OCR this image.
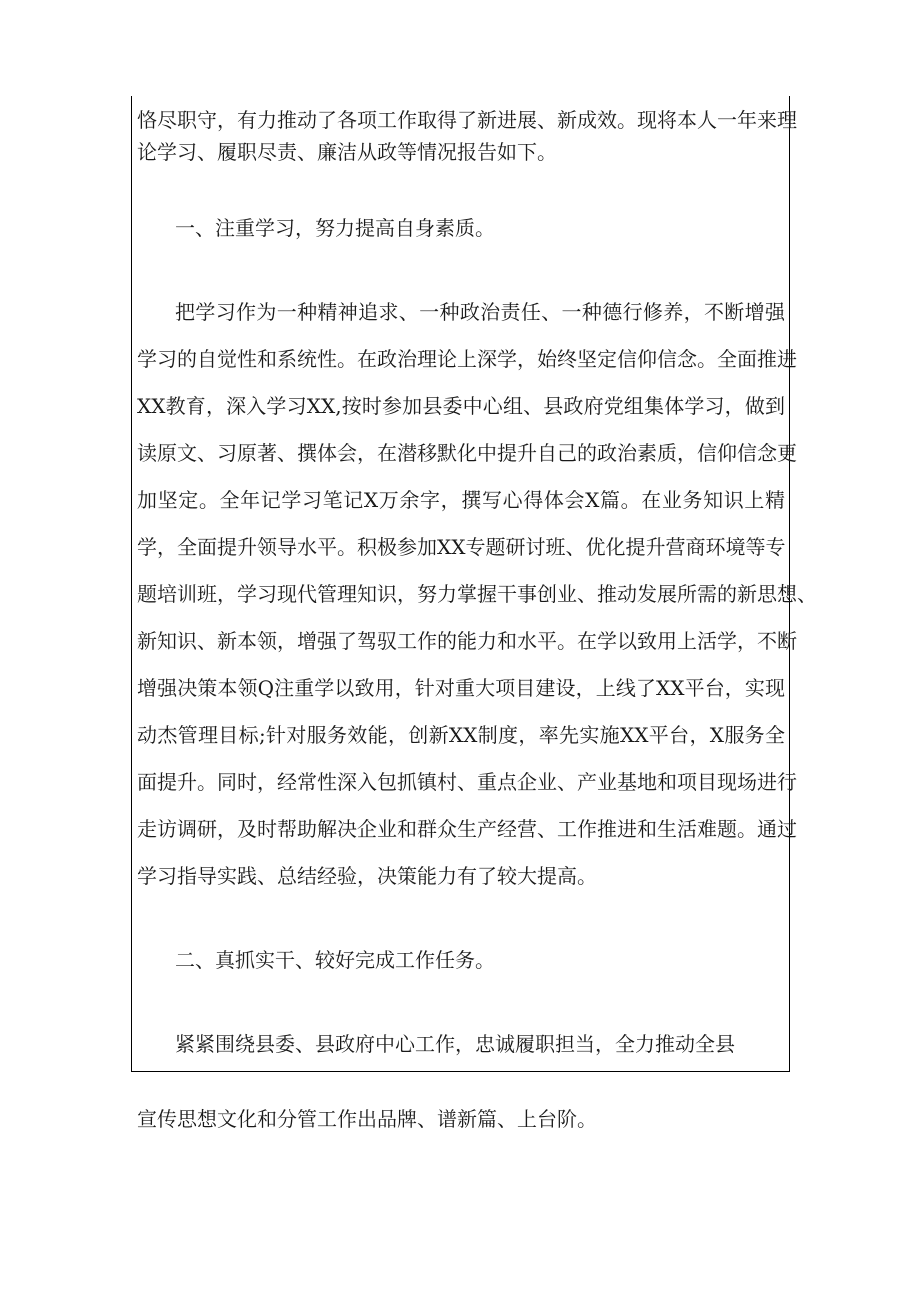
恪尽职守，有力推动了各项工作取得了新进展、新成效。现将本人一年来理
论学习、履职尽责、廉洁从政等情况报告如下。
一、注重学习，努力提高自身素质。
把学习作为一种精神追求、一种政治责任、一种德行修养，不断增强
学习的自觉性和系统性。在政治理论上深学，始终坚定信仰信念。全面推进
XX教育，深入学习XX,按时参加县委中心组、县政府党组集体学习，做到
读原文、习原著、撰体会，在潜移默化中提升自己的政治素质，信仰信念更
加坚定。全年记学习笔记X万余字，撰写心得体会X篇。在业务知识上精
学，全面提升领导水平。积极参加XX专题研讨班、优化提升营商环境等专
题培训班，学习现代管理知识，努力掌握干事创业、推动发展所需的新思想、
新知识、新本领，增强了驾驭工作的能力和水平。在学以致用上活学，不断
增强决策本领Q注重学以致用，针对重大项目建设，上线了XX平台，实现
动杰管理目标;针对服务效能，创新XX制度，率先实施XX平台，X服务全
面提升。同时，经常性深入包抓镇村、重点企业、产业基地和项目现场进行
走访调研，及时帮助解决企业和群众生产经营、工作推进和生活难题。通过
学习指导实践、总结经验，决策能力有了较大提高。
二、真抓实干、较好完成工作任务。
紧紧围绕县委、县政府中心工作，忠诚履职担当，全力推动全县
宣传思想文化和分管工作出品牌、谱新篇、上台阶。
